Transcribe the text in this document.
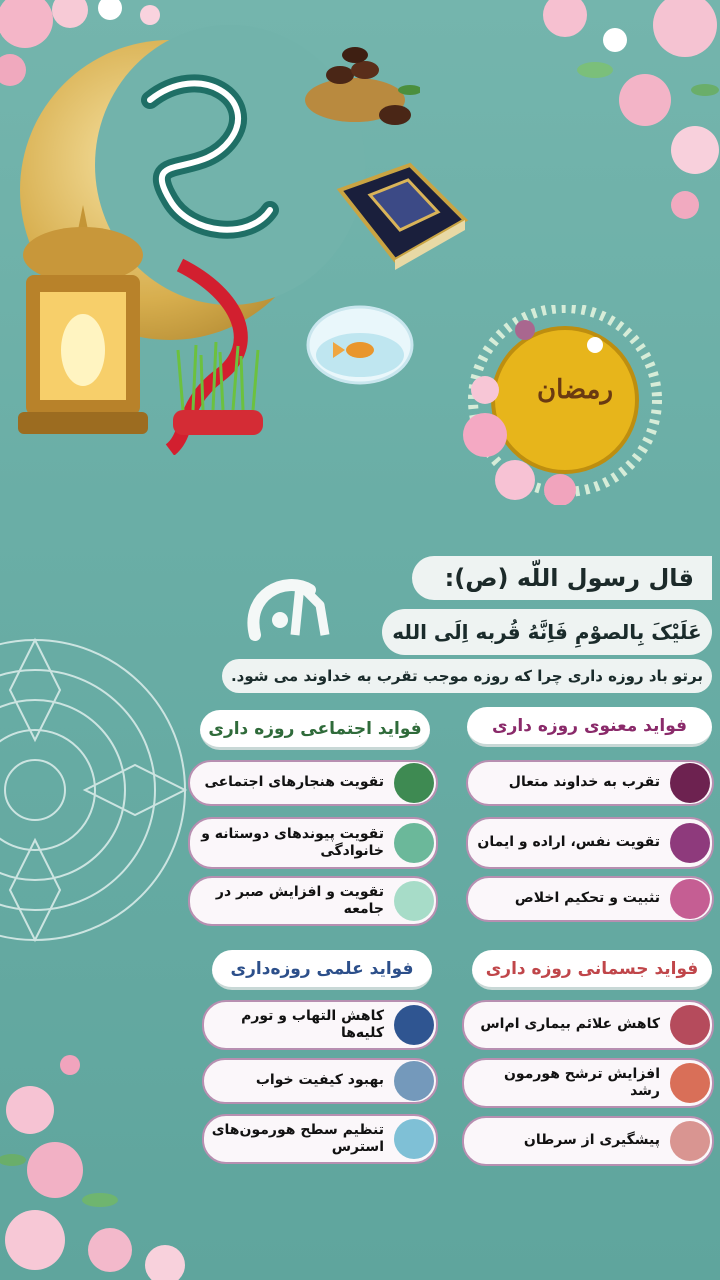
رمضان
قال رسول اللّه (ص):
عَلَیْکَ بِالصوْمِ فَاِنَّهُ قُربه اِلَی الله
برتو باد روزه داری چرا که روزه موجب تقرب به خداوند می شود.
فواید معنوی روزه داری
تقرب به خداوند متعال
تقویت نفس، اراده و ایمان
تثبیت و تحکیم اخلاص
فواید اجتماعی روزه داری
تقویت هنجارهای اجتماعی
تقویت پیوندهای دوستانه و خانوادگی
تقویت و افزایش صبر در جامعه
فواید جسمانی روزه داری
کاهش علائم بیماری ام‌اس
افزایش ترشح هورمون رشد
پیشگیری از سرطان
فواید علمی روزه‌داری
کاهش التهاب و تورم کلیه‌ها
بهبود کیفیت خواب
تنظیم سطح هورمون‌های استرس
